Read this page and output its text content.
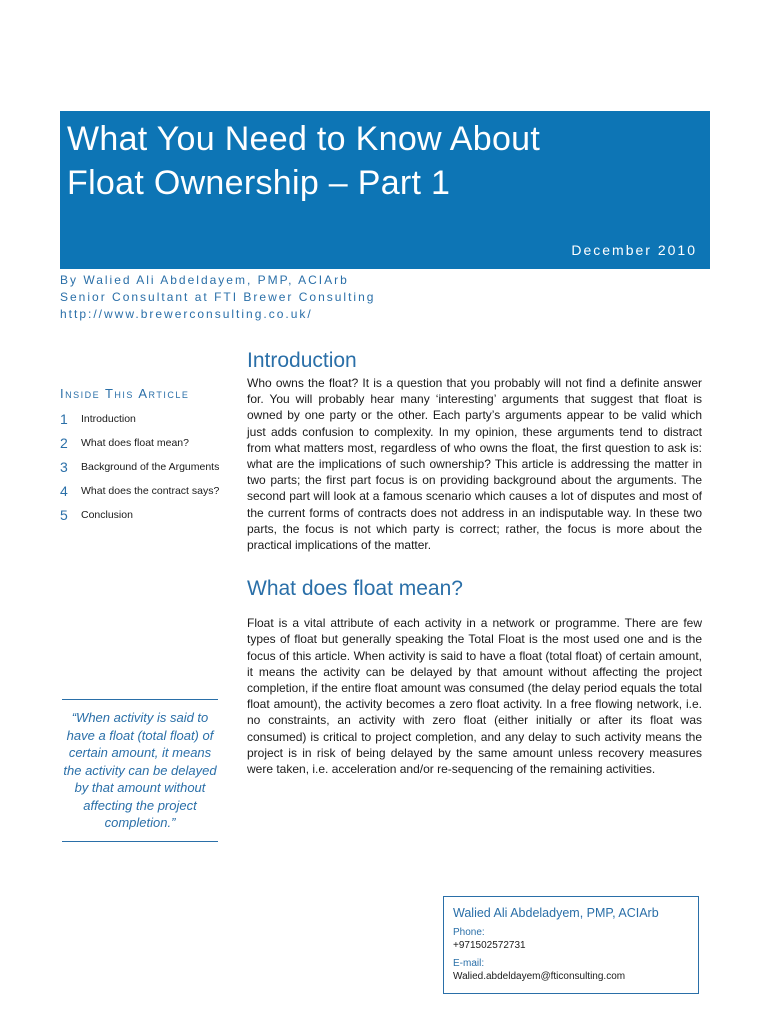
What You Need to Know About
Float Ownership – Part 1
December 2010
By Walied Ali Abdeldayem, PMP, ACIArb
Senior Consultant at FTI Brewer Consulting
http://www.brewerconsulting.co.uk/
Inside This Article
1	Introduction
2	What does float mean?
3	Background of the Arguments
4	What does the contract says?
5	Conclusion
“When activity is said to have a float (total float) of certain amount, it means the activity can be delayed by that amount without affecting the project completion.”
Introduction

Who owns the float? It is a question that you probably will not find a definite answer for. You will probably hear many ‘interesting’ arguments that suggest that float is owned by one party or the other. Each party’s arguments appear to be valid which just adds confusion to complexity. In my opinion, these arguments tend to distract from what matters most, regardless of who owns the float, the first question to ask is: what are the implications of such ownership? This article is addressing the matter in two parts; the first part focus is on providing background about the arguments. The second part will look at a famous scenario which causes a lot of disputes and most of the current forms of contracts does not address in an indisputable way. In these two parts, the focus is not which party is correct; rather, the focus is more about the practical implications of the matter.

What does float mean?

Float is a vital attribute of each activity in a network or programme. There are few types of float but generally speaking the Total Float is the most used one and is the focus of this article. When activity is said to have a float (total float) of certain amount, it means the activity can be delayed by that amount without affecting the project completion, if the entire float amount was consumed (the delay period equals the total float amount), the activity becomes a zero float activity. In a free flowing network, i.e. no constraints, an activity with zero float (either initially or after its float was consumed) is critical to project completion, and any delay to such activity means the project is in risk of being delayed by the same amount unless recovery measures were taken, i.e. acceleration and/or re-sequencing of the remaining activities.

Walied Ali Abdeladyem, PMP, ACIArb
Phone:
+971502572731
E-mail:
Walied.abdeldayem@fticonsulting.com
